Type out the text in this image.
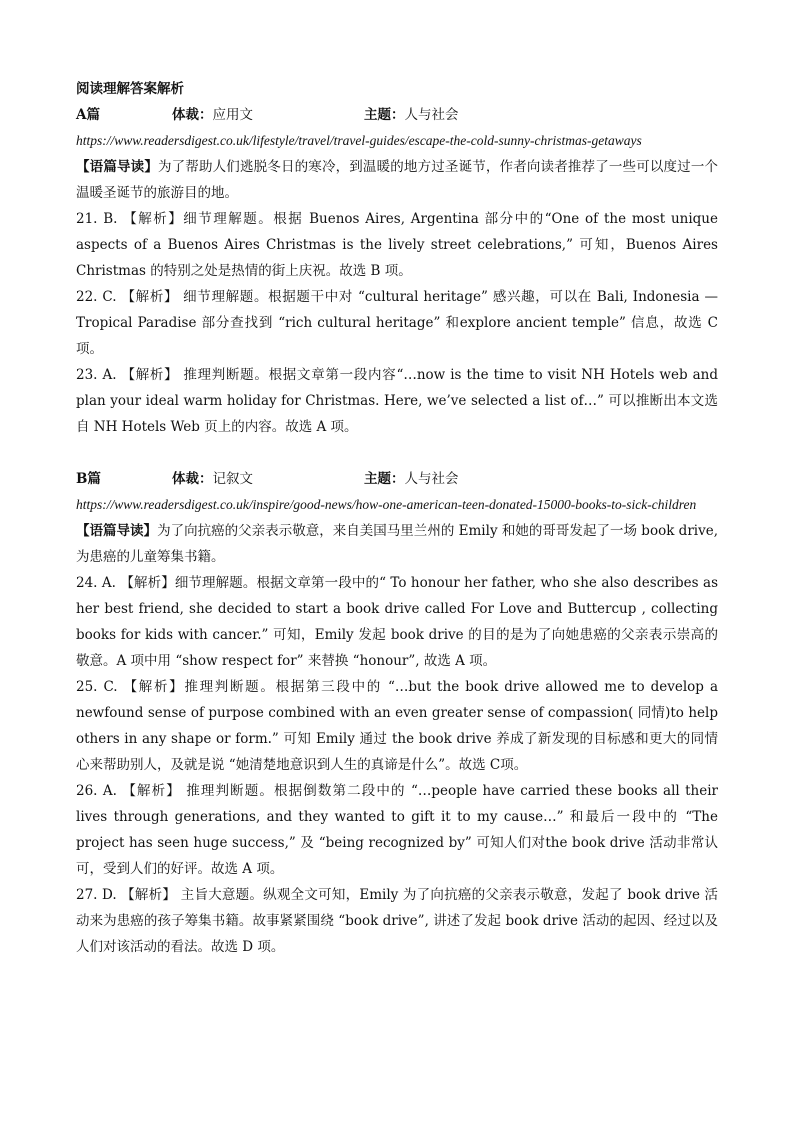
阅读理解答案解析
A篇	体裁：应用文	主题：人与社会

https://www.readersdigest.co.uk/lifestyle/travel/travel-guides/escape-the-cold-sunny-christmas-getaways

【语篇导读】为了帮助人们逃脱冬日的寒冷，到温暖的地方过圣诞节，作者向读者推荐了一些可以度过一个温暖圣诞节的旅游目的地。

21. B. 【解析】细节理解题。根据 Buenos Aires, Argentina 部分中的“One of the most unique aspects of a Buenos Aires Christmas is the lively street celebrations,” 可知，Buenos Aires Christmas 的特别之处是热情的街上庆祝。故选 B 项。

22. C. 【解析】 细节理解题。根据题干中对 “cultural heritage” 感兴趣，可以在 Bali, Indonesia — Tropical Paradise 部分查找到 “rich cultural heritage” 和explore ancient temple” 信息，故选 C项。

23. A. 【解析】 推理判断题。根据文章第一段内容“…now is the time to visit NH Hotels web and plan your ideal warm holiday for Christmas. Here, we’ve selected a list of…” 可以推断出本文选自 NH Hotels Web 页上的内容。故选 A 项。

B篇	体裁：记叙文	主题：人与社会

https://www.readersdigest.co.uk/inspire/good-news/how-one-american-teen-donated-15000-books-to-sick-children

【语篇导读】为了向抗癌的父亲表示敬意，来自美国马里兰州的 Emily 和她的哥哥发起了一场 book drive, 为患癌的儿童筹集书籍。

24. A. 【解析】细节理解题。根据文章第一段中的“ To honour her father, who she also describes as her best friend, she decided to start a book drive called For Love and Buttercup , collecting books for kids with cancer.” 可知，Emily 发起 book drive 的目的是为了向她患癌的父亲表示崇高的敬意。A 项中用 “show respect for” 来替换 “honour”, 故选 A 项。

25. C. 【解析】推理判断题。根据第三段中的 “…but the book drive allowed me to develop a newfound sense of purpose combined with an even greater sense of compassion( 同情)to help others in any shape or form.” 可知 Emily 通过 the book drive 养成了新发现的目标感和更大的同情心来帮助别人，及就是说 “她清楚地意识到人生的真谛是什么”。故选 C项。

26. A. 【解析】 推理判断题。根据倒数第二段中的 “…people have carried these books all their lives through generations, and they wanted to gift it to my cause…” 和最后一段中的 “The project has seen huge success,” 及 “being recognized by” 可知人们对the book drive 活动非常认可，受到人们的好评。故选 A 项。

27. D. 【解析】 主旨大意题。纵观全文可知，Emily 为了向抗癌的父亲表示敬意，发起了 book drive 活动来为患癌的孩子筹集书籍。故事紧紧围绕 “book drive”, 讲述了发起 book drive 活动的起因、经过以及人们对该活动的看法。故选 D 项。
